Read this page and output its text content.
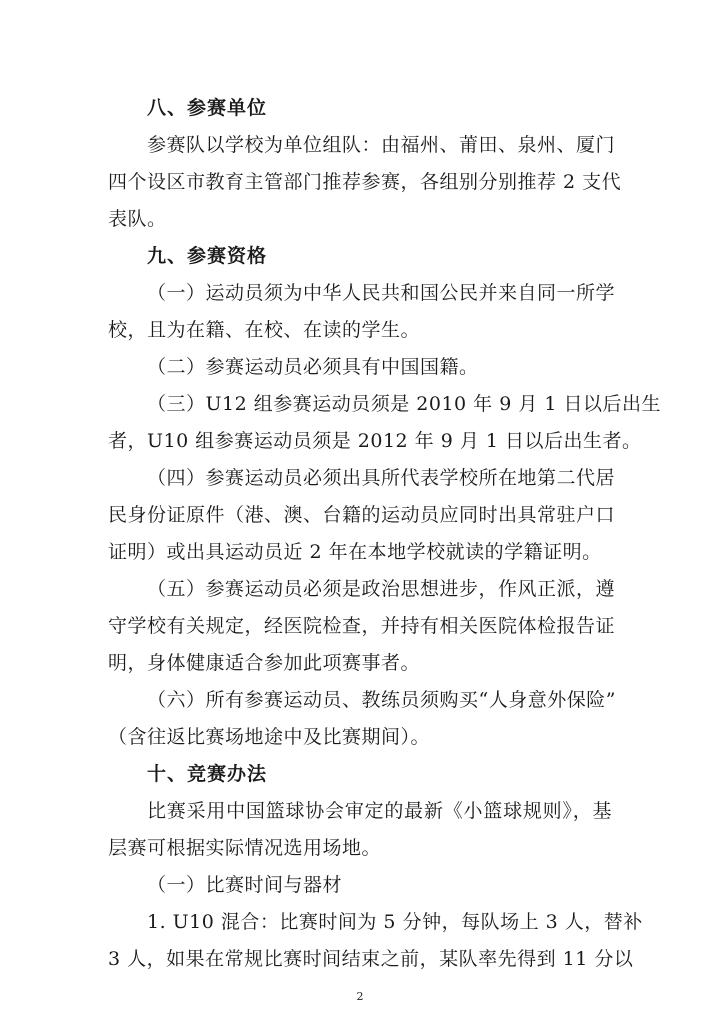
八、参赛单位
参赛队以学校为单位组队：由福州、莆田、泉州、厦门
四个设区市教育主管部门推荐参赛，各组别分别推荐 2 支代
表队。
九、参赛资格
（一）运动员须为中华人民共和国公民并来自同一所学
校，且为在籍、在校、在读的学生。
（二）参赛运动员必须具有中国国籍。
（三）U12 组参赛运动员须是 2010 年 9 月 1 日以后出生
者，U10 组参赛运动员须是 2012 年 9 月 1 日以后出生者。
（四）参赛运动员必须出具所代表学校所在地第二代居
民身份证原件（港、澳、台籍的运动员应同时出具常驻户口
证明）或出具运动员近 2 年在本地学校就读的学籍证明。
（五）参赛运动员必须是政治思想进步，作风正派，遵
守学校有关规定，经医院检查，并持有相关医院体检报告证
明，身体健康适合参加此项赛事者。
（六）所有参赛运动员、教练员须购买“人身意外保险”
（含往返比赛场地途中及比赛期间）。
十、竞赛办法
比赛采用中国篮球协会审定的最新《小篮球规则》，基
层赛可根据实际情况选用场地。
（一）比赛时间与器材
1. U10 混合：比赛时间为 5 分钟，每队场上 3 人，替补
3 人，如果在常规比赛时间结束之前，某队率先得到 11 分以
2
